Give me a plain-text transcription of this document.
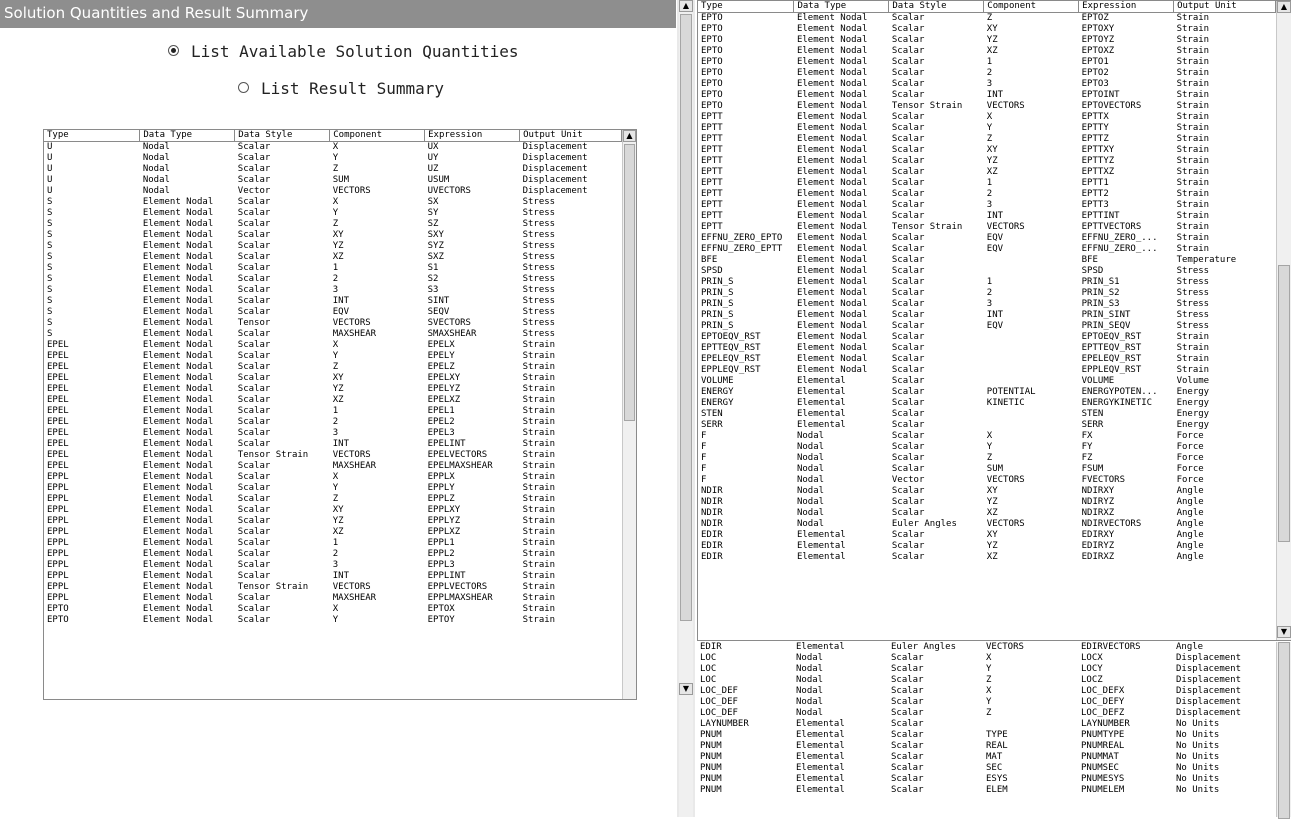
Solution Quantities and Result Summary
List Available Solution Quantities
List Result Summary
Type	Data Type	Data Style	Component	Expression	Output Unit
U	Nodal	Scalar	X	UX	Displacement
U	Nodal	Scalar	Y	UY	Displacement
U	Nodal	Scalar	Z	UZ	Displacement
U	Nodal	Scalar	SUM	USUM	Displacement
U	Nodal	Vector	VECTORS	UVECTORS	Displacement
S	Element Nodal	Scalar	X	SX	Stress
S	Element Nodal	Scalar	Y	SY	Stress
S	Element Nodal	Scalar	Z	SZ	Stress
S	Element Nodal	Scalar	XY	SXY	Stress
S	Element Nodal	Scalar	YZ	SYZ	Stress
S	Element Nodal	Scalar	XZ	SXZ	Stress
S	Element Nodal	Scalar	1	S1	Stress
S	Element Nodal	Scalar	2	S2	Stress
S	Element Nodal	Scalar	3	S3	Stress
S	Element Nodal	Scalar	INT	SINT	Stress
S	Element Nodal	Scalar	EQV	SEQV	Stress
S	Element Nodal	Tensor	VECTORS	SVECTORS	Stress
S	Element Nodal	Scalar	MAXSHEAR	SMAXSHEAR	Stress
EPEL	Element Nodal	Scalar	X	EPELX	Strain
EPEL	Element Nodal	Scalar	Y	EPELY	Strain
EPEL	Element Nodal	Scalar	Z	EPELZ	Strain
EPEL	Element Nodal	Scalar	XY	EPELXY	Strain
EPEL	Element Nodal	Scalar	YZ	EPELYZ	Strain
EPEL	Element Nodal	Scalar	XZ	EPELXZ	Strain
EPEL	Element Nodal	Scalar	1	EPEL1	Strain
EPEL	Element Nodal	Scalar	2	EPEL2	Strain
EPEL	Element Nodal	Scalar	3	EPEL3	Strain
EPEL	Element Nodal	Scalar	INT	EPELINT	Strain
EPEL	Element Nodal	Tensor Strain	VECTORS	EPELVECTORS	Strain
EPEL	Element Nodal	Scalar	MAXSHEAR	EPELMAXSHEAR	Strain
EPPL	Element Nodal	Scalar	X	EPPLX	Strain
EPPL	Element Nodal	Scalar	Y	EPPLY	Strain
EPPL	Element Nodal	Scalar	Z	EPPLZ	Strain
EPPL	Element Nodal	Scalar	XY	EPPLXY	Strain
EPPL	Element Nodal	Scalar	YZ	EPPLYZ	Strain
EPPL	Element Nodal	Scalar	XZ	EPPLXZ	Strain
EPPL	Element Nodal	Scalar	1	EPPL1	Strain
EPPL	Element Nodal	Scalar	2	EPPL2	Strain
EPPL	Element Nodal	Scalar	3	EPPL3	Strain
EPPL	Element Nodal	Scalar	INT	EPPLINT	Strain
EPPL	Element Nodal	Tensor Strain	VECTORS	EPPLVECTORS	Strain
EPPL	Element Nodal	Scalar	MAXSHEAR	EPPLMAXSHEAR	Strain
EPTO	Element Nodal	Scalar	X	EPTOX	Strain
EPTO	Element Nodal	Scalar	Y	EPTOY	Strain
▲
▲
▼
Type	Data Type	Data Style	Component	Expression	Output Unit
EPTO	Element Nodal	Scalar	Z	EPTOZ	Strain
EPTO	Element Nodal	Scalar	XY	EPTOXY	Strain
EPTO	Element Nodal	Scalar	YZ	EPTOYZ	Strain
EPTO	Element Nodal	Scalar	XZ	EPTOXZ	Strain
EPTO	Element Nodal	Scalar	1	EPTO1	Strain
EPTO	Element Nodal	Scalar	2	EPTO2	Strain
EPTO	Element Nodal	Scalar	3	EPTO3	Strain
EPTO	Element Nodal	Scalar	INT	EPTOINT	Strain
EPTO	Element Nodal	Tensor Strain	VECTORS	EPTOVECTORS	Strain
EPTT	Element Nodal	Scalar	X	EPTTX	Strain
EPTT	Element Nodal	Scalar	Y	EPTTY	Strain
EPTT	Element Nodal	Scalar	Z	EPTTZ	Strain
EPTT	Element Nodal	Scalar	XY	EPTTXY	Strain
EPTT	Element Nodal	Scalar	YZ	EPTTYZ	Strain
EPTT	Element Nodal	Scalar	XZ	EPTTXZ	Strain
EPTT	Element Nodal	Scalar	1	EPTT1	Strain
EPTT	Element Nodal	Scalar	2	EPTT2	Strain
EPTT	Element Nodal	Scalar	3	EPTT3	Strain
EPTT	Element Nodal	Scalar	INT	EPTTINT	Strain
EPTT	Element Nodal	Tensor Strain	VECTORS	EPTTVECTORS	Strain
EFFNU_ZERO_EPTO	Element Nodal	Scalar	EQV	EFFNU_ZERO_...	Strain
EFFNU_ZERO_EPTT	Element Nodal	Scalar	EQV	EFFNU_ZERO_...	Strain
BFE	Element Nodal	Scalar		BFE	Temperature
SPSD	Element Nodal	Scalar		SPSD	Stress
PRIN_S	Element Nodal	Scalar	1	PRIN_S1	Stress
PRIN_S	Element Nodal	Scalar	2	PRIN_S2	Stress
PRIN_S	Element Nodal	Scalar	3	PRIN_S3	Stress
PRIN_S	Element Nodal	Scalar	INT	PRIN_SINT	Stress
PRIN_S	Element Nodal	Scalar	EQV	PRIN_SEQV	Stress
EPTOEQV_RST	Element Nodal	Scalar		EPTOEQV_RST	Strain
EPTTEQV_RST	Element Nodal	Scalar		EPTTEQV_RST	Strain
EPELEQV_RST	Element Nodal	Scalar		EPELEQV_RST	Strain
EPPLEQV_RST	Element Nodal	Scalar		EPPLEQV_RST	Strain
VOLUME	Elemental	Scalar		VOLUME	Volume
ENERGY	Elemental	Scalar	POTENTIAL	ENERGYPOTEN...	Energy
ENERGY	Elemental	Scalar	KINETIC	ENERGYKINETIC	Energy
STEN	Elemental	Scalar		STEN	Energy
SERR	Elemental	Scalar		SERR	Energy
F	Nodal	Scalar	X	FX	Force
F	Nodal	Scalar	Y	FY	Force
F	Nodal	Scalar	Z	FZ	Force
F	Nodal	Scalar	SUM	FSUM	Force
F	Nodal	Vector	VECTORS	FVECTORS	Force
NDIR	Nodal	Scalar	XY	NDIRXY	Angle
NDIR	Nodal	Scalar	YZ	NDIRYZ	Angle
NDIR	Nodal	Scalar	XZ	NDIRXZ	Angle
NDIR	Nodal	Euler Angles	VECTORS	NDIRVECTORS	Angle
EDIR	Elemental	Scalar	XY	EDIRXY	Angle
EDIR	Elemental	Scalar	YZ	EDIRYZ	Angle
EDIR	Elemental	Scalar	XZ	EDIRXZ	Angle
▲
▼
EDIR	Elemental	Euler Angles	VECTORS	EDIRVECTORS	Angle
LOC	Nodal	Scalar	X	LOCX	Displacement
LOC	Nodal	Scalar	Y	LOCY	Displacement
LOC	Nodal	Scalar	Z	LOCZ	Displacement
LOC_DEF	Nodal	Scalar	X	LOC_DEFX	Displacement
LOC_DEF	Nodal	Scalar	Y	LOC_DEFY	Displacement
LOC_DEF	Nodal	Scalar	Z	LOC_DEFZ	Displacement
LAYNUMBER	Elemental	Scalar		LAYNUMBER	No Units
PNUM	Elemental	Scalar	TYPE	PNUMTYPE	No Units
PNUM	Elemental	Scalar	REAL	PNUMREAL	No Units
PNUM	Elemental	Scalar	MAT	PNUMMAT	No Units
PNUM	Elemental	Scalar	SEC	PNUMSEC	No Units
PNUM	Elemental	Scalar	ESYS	PNUMESYS	No Units
PNUM	Elemental	Scalar	ELEM	PNUMELEM	No Units
